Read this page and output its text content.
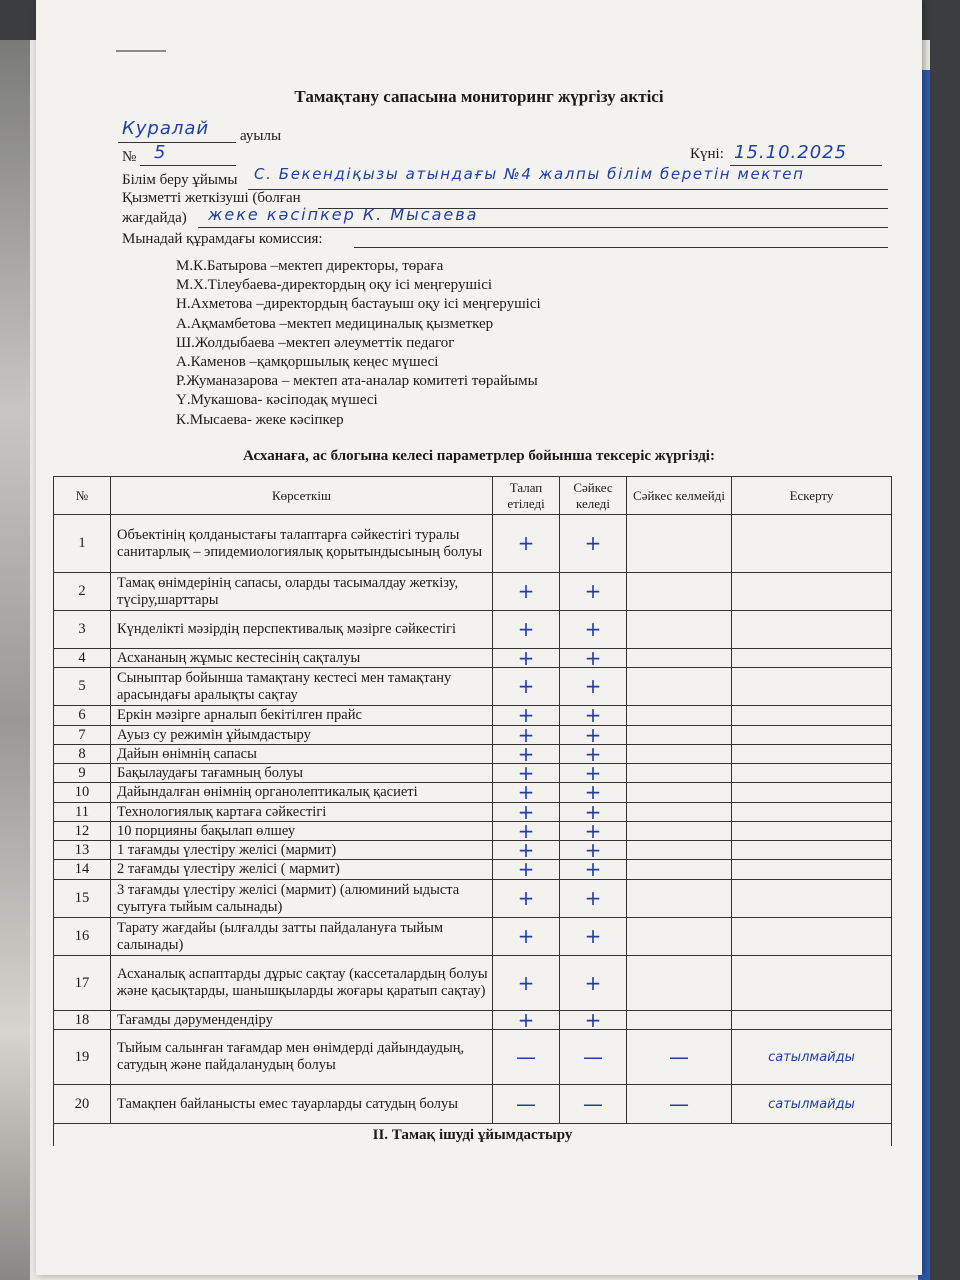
Тамақтану сапасына мониторинг жүргізу актісі
Куралай ауылы
№ 5	Күні: 15.10.2025
Білім беру ұйымы С. Бекендіқызы атындағы №4 жалпы білім беретін мектеп
Қызметті жеткізуші (болған
жағдайда) жеке кәсіпкер К. Мысаева
Мынадай құрамдағы комиссия:
М.К.Батырова –мектеп директоры, төраға
М.Х.Тілеубаева-директордың оқу ісі меңгерушісі
Н.Ахметова –директордың бастауыш оқу ісі меңгерушісі
А.Ақмамбетова –мектеп медициналық қызметкер
Ш.Жолдыбаева –мектеп әлеуметтік педагог
А.Каменов –қамқоршылық кеңес мүшесі
Р.Жуманазарова – мектеп ата-аналар комитеті төрайымы
Ү.Мукашова- кәсіподақ мүшесі
К.Мысаева- жеке кәсіпкер
Асханаға, ас блогына келесі параметрлер бойынша тексеріс жүргізді:
№	Көрсеткіш	Талап етіледі	Сәйкес келеді	Сәйкес келмейді	Ескерту
1	Объектінің қолданыстағы талаптарға сәйкестігі туралы санитарлық – эпидемиологиялық қорытындысының болуы	+	+		
2	Тамақ өнімдерінің сапасы, оларды тасымалдау жеткізу, түсіру,шарттары	+	+		
3	Күнделікті мәзірдің перспективалық мәзірге сәйкестігі	+	+		
4	Асхананың жұмыс кестесінің сақталуы	+	+		
5	Сыныптар бойынша тамақтану кестесі мен тамақтану арасындағы аралықты сақтау	+	+		
6	Еркін мәзірге арналып бекітілген прайс	+	+		
7	Ауыз су режимін ұйымдастыру	+	+		
8	Дайын өнімнің сапасы	+	+		
9	Бақылаудағы тағамның болуы	+	+		
10	Дайындалған өнімнің органолептикалық қасиеті	+	+		
11	Технологиялық картаға сәйкестігі	+	+		
12	10 порцияны бақылап өлшеу	+	+		
13	1 тағамды үлестіру желісі (мармит)	+	+		
14	2 тағамды үлестіру желісі ( мармит)	+	+		
15	3 тағамды үлестіру желісі (мармит) (алюминий ыдыста суытуға тыйым салынады)	+	+		
16	Тарату жағдайы (ылғалды затты пайдалануға тыйым салынады)	+	+		
17	Асханалық аспаптарды дұрыс сақтау (кассеталардың болуы және қасықтарды, шанышқыларды жоғары қаратып сақтау)	+	+		
18	Тағамды дәрумендендіру	+	+		
19	Тыйым салынған тағамдар мен өнімдерді дайындаудың, сатудың және пайдаланудың болуы	—	—	—	сатылмайды
20	Тамақпен байланысты емес тауарларды сатудың болуы	—	—	—	сатылмайды
II. Тамақ ішуді ұйымдастыру					
